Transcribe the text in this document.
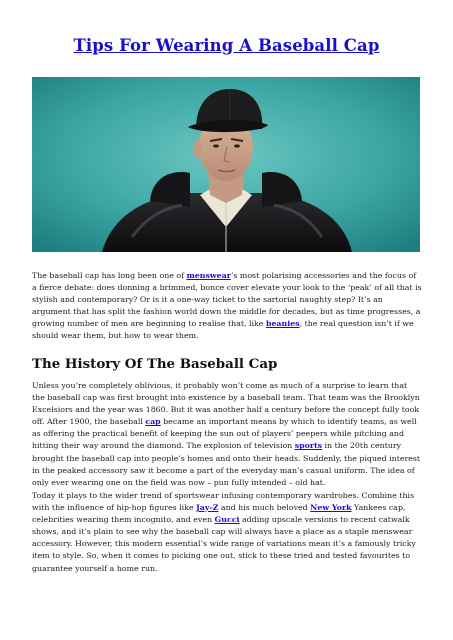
Tips For Wearing A Baseball Cap

The baseball cap has long been one of menswear’s most polarising accessories and the focus of a fierce debate: does donning a brimmed, bonce cover elevate your look to the ‘peak’ of all that is stylish and contemporary? Or is it a one-way ticket to the sartorial naughty step? It’s an argument that has split the fashion world down the middle for decades, but as time progresses, a growing number of men are beginning to realise that, like beanies, the real question isn’t if we should wear them, but how to wear them.

The History Of The Baseball Cap

Unless you’re completely oblivious, it probably won’t come as much of a surprise to learn that the baseball cap was first brought into existence by a baseball team. That team was the Brooklyn Excelsiors and the year was 1860. But it was another half a century before the concept fully took off. After 1900, the baseball cap became an important means by which to identify teams, as well as offering the practical benefit of keeping the sun out of players’ peepers while pitching and hitting their way around the diamond. The explosion of television sports in the 20th century brought the baseball cap into people’s homes and onto their heads. Suddenly, the piqued interest in the peaked accessory saw it become a part of the everyday man’s casual uniform. The idea of only ever wearing one on the field was now – pun fully intended – old hat.

Today it plays to the wider trend of sportswear infusing contemporary wardrobes. Combine this with the influence of hip-hop figures like Jay-Z and his much beloved New York Yankees cap, celebrities wearing them incognito, and even Gucci adding upscale versions to recent catwalk shows, and it’s plain to see why the baseball cap will always have a place as a staple menswear accessory. However, this modern essential’s wide range of variations mean it’s a famously tricky item to style. So, when it comes to picking one out, stick to these tried and tested favourites to guarantee yourself a home run.
